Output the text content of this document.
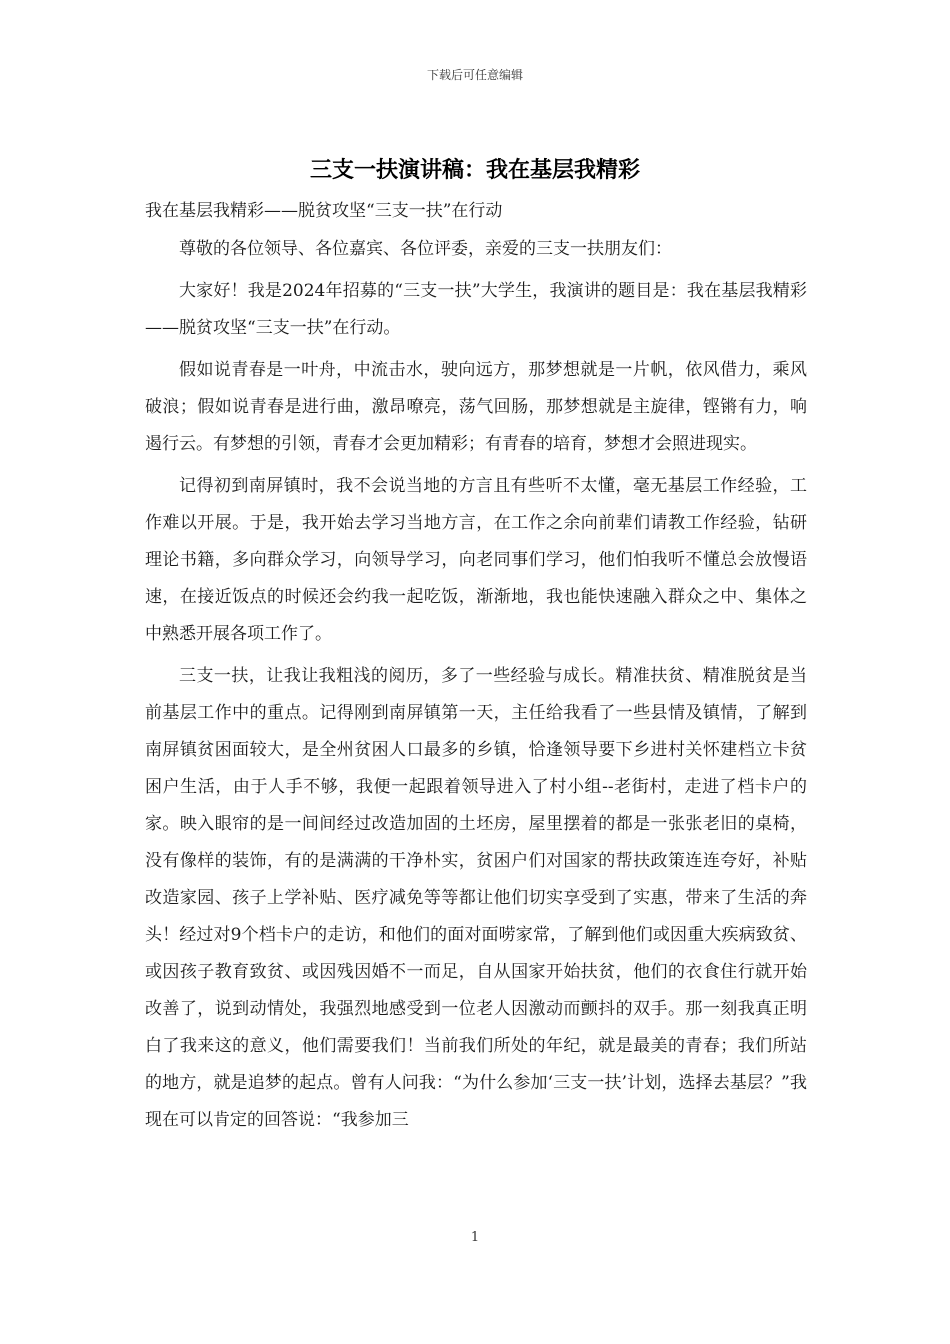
下载后可任意编辑
三支一扶演讲稿：我在基层我精彩

我在基层我精彩——脱贫攻坚“三支一扶”在行动

尊敬的各位领导、各位嘉宾、各位评委，亲爱的三支一扶朋友们：

大家好！我是2024年招募的“三支一扶”大学生，我演讲的题目是：我在基层我精彩——脱贫攻坚“三支一扶”在行动。

假如说青春是一叶舟，中流击水，驶向远方，那梦想就是一片帆，依风借力，乘风破浪；假如说青春是进行曲，激昂嘹亮，荡气回肠，那梦想就是主旋律，铿锵有力，响遏行云。有梦想的引领，青春才会更加精彩；有青春的培育，梦想才会照进现实。

记得初到南屏镇时，我不会说当地的方言且有些听不太懂，毫无基层工作经验，工作难以开展。于是，我开始去学习当地方言，在工作之余向前辈们请教工作经验，钻研理论书籍，多向群众学习，向领导学习，向老同事们学习，他们怕我听不懂总会放慢语速，在接近饭点的时候还会约我一起吃饭，渐渐地，我也能快速融入群众之中、集体之中熟悉开展各项工作了。

三支一扶，让我让我粗浅的阅历，多了一些经验与成长。精准扶贫、精准脱贫是当前基层工作中的重点。记得刚到南屏镇第一天，主任给我看了一些县情及镇情，了解到南屏镇贫困面较大，是全州贫困人口最多的乡镇，恰逢领导要下乡进村关怀建档立卡贫困户生活，由于人手不够，我便一起跟着领导进入了村小组--老街村，走进了档卡户的家。映入眼帘的是一间间经过改造加固的土坯房，屋里摆着的都是一张张老旧的桌椅，没有像样的装饰，有的是满满的干净朴实，贫困户们对国家的帮扶政策连连夸好，补贴改造家园、孩子上学补贴、医疗减免等等都让他们切实享受到了实惠，带来了生活的奔头！经过对9个档卡户的走访，和他们的面对面唠家常，了解到他们或因重大疾病致贫、或因孩子教育致贫、或因残因婚不一而足，自从国家开始扶贫，他们的衣食住行就开始改善了，说到动情处，我强烈地感受到一位老人因激动而颤抖的双手。那一刻我真正明白了我来这的意义，他们需要我们！当前我们所处的年纪，就是最美的青春；我们所站的地方，就是追梦的起点。曾有人问我：“为什么参加‘三支一扶’计划，选择去基层？”我现在可以肯定的回答说：“我参加三

1
